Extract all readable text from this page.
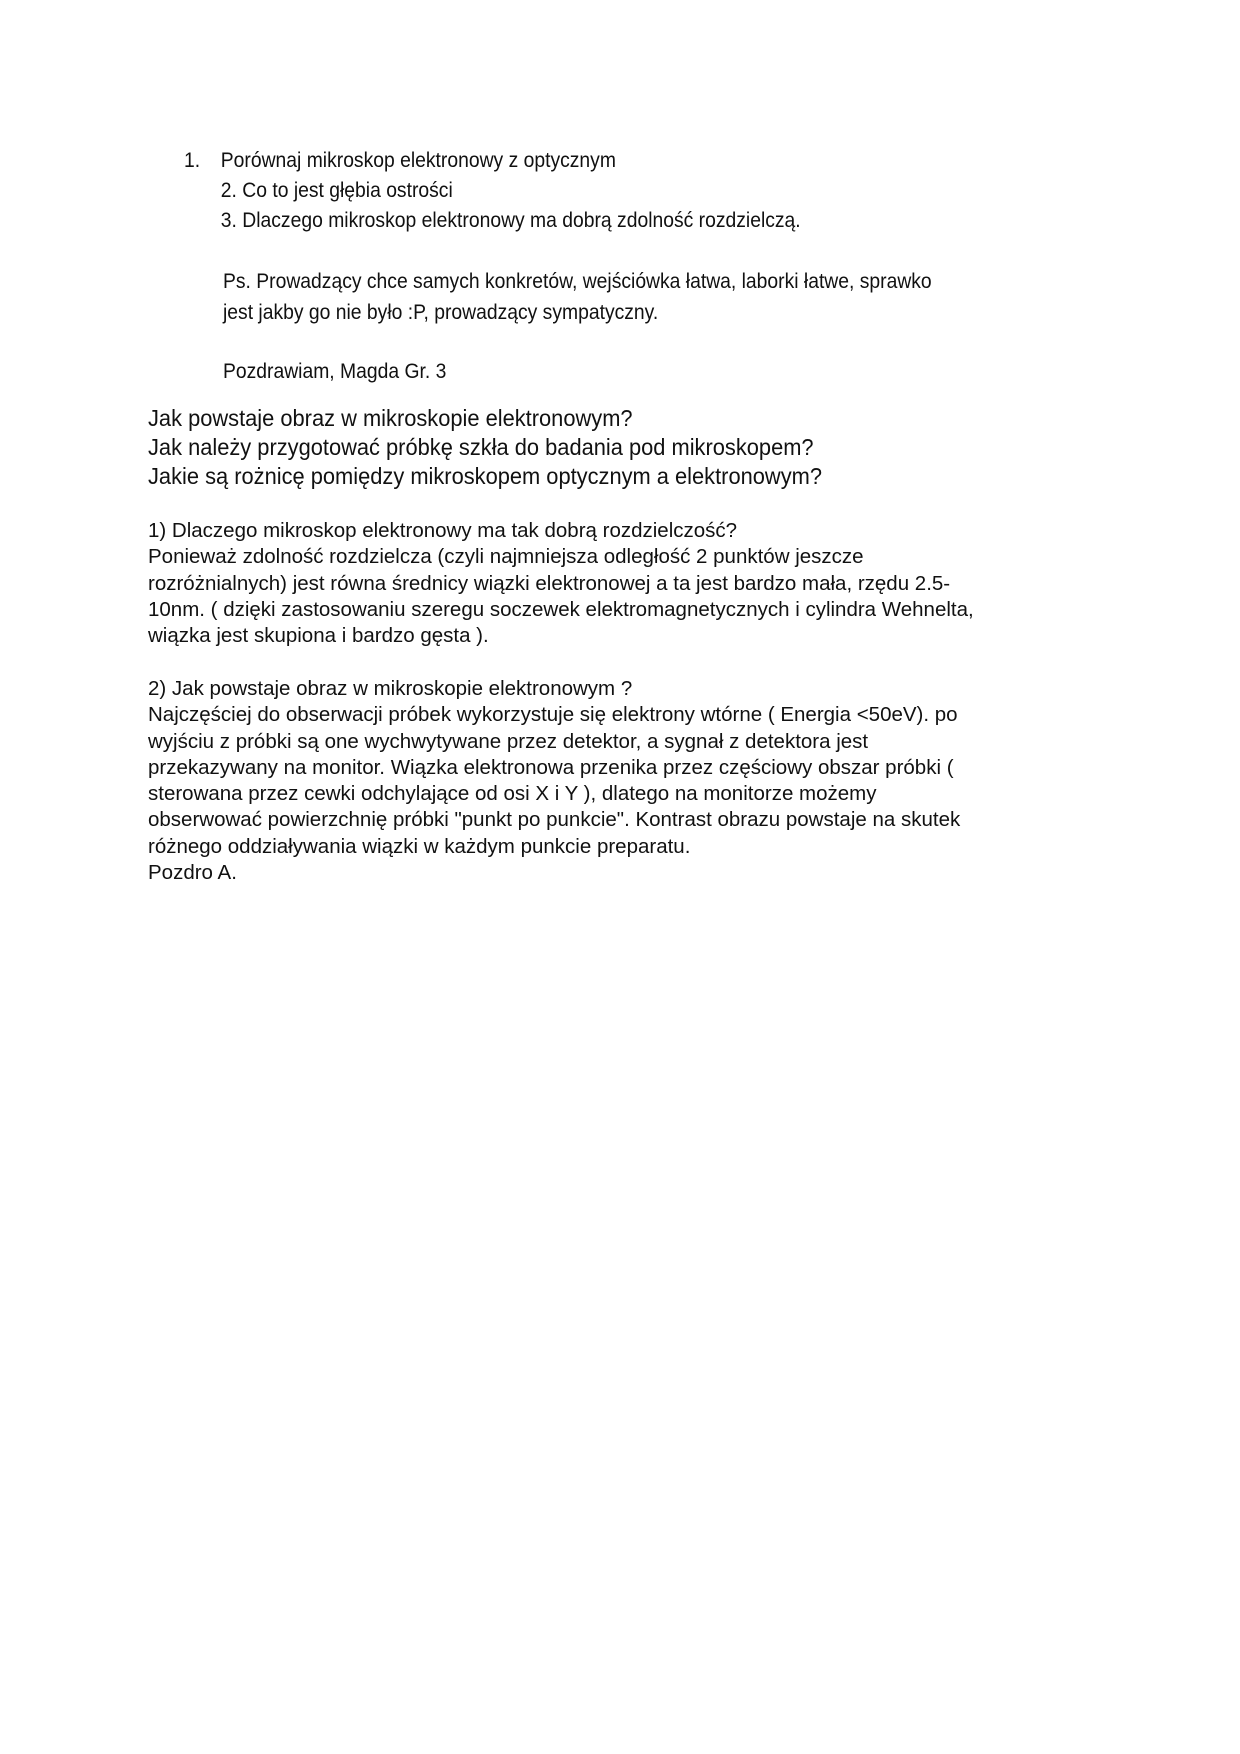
1. Porównaj mikroskop elektronowy z optycznym
2. Co to jest głębia ostrości
3. Dlaczego mikroskop elektronowy ma dobrą zdolność rozdzielczą.

Ps. Prowadzący chce samych konkretów, wejściówka łatwa, laborki łatwe, sprawko

jest jakby go nie było :P, prowadzący sympatyczny.

Pozdrawiam, Magda Gr. 3
Jak powstaje obraz w mikroskopie elektronowym?
Jak należy przygotować próbkę szkła do badania pod mikroskopem?
Jakie są rożnicę pomiędzy mikroskopem optycznym a elektronowym?
1) Dlaczego mikroskop elektronowy ma tak dobrą rozdzielczość?
Ponieważ zdolność rozdzielcza (czyli najmniejsza odległość 2 punktów jeszcze
rozróżnialnych) jest równa średnicy wiązki elektronowej a ta jest bardzo mała, rzędu 2.5-
10nm. ( dzięki zastosowaniu szeregu soczewek elektromagnetycznych i cylindra Wehnelta,
wiązka jest skupiona i bardzo gęsta ).
2) Jak powstaje obraz w mikroskopie elektronowym ?
Najczęściej do obserwacji próbek wykorzystuje się elektrony wtórne ( Energia <50eV). po
wyjściu z próbki są one wychwytywane przez detektor, a sygnał z detektora jest
przekazywany na monitor. Wiązka elektronowa przenika przez częściowy obszar próbki (
sterowana przez cewki odchylające od osi X i Y ), dlatego na monitorze możemy
obserwować powierzchnię próbki "punkt po punkcie". Kontrast obrazu powstaje na skutek
różnego oddziaływania wiązki w każdym punkcie preparatu.
Pozdro A.
